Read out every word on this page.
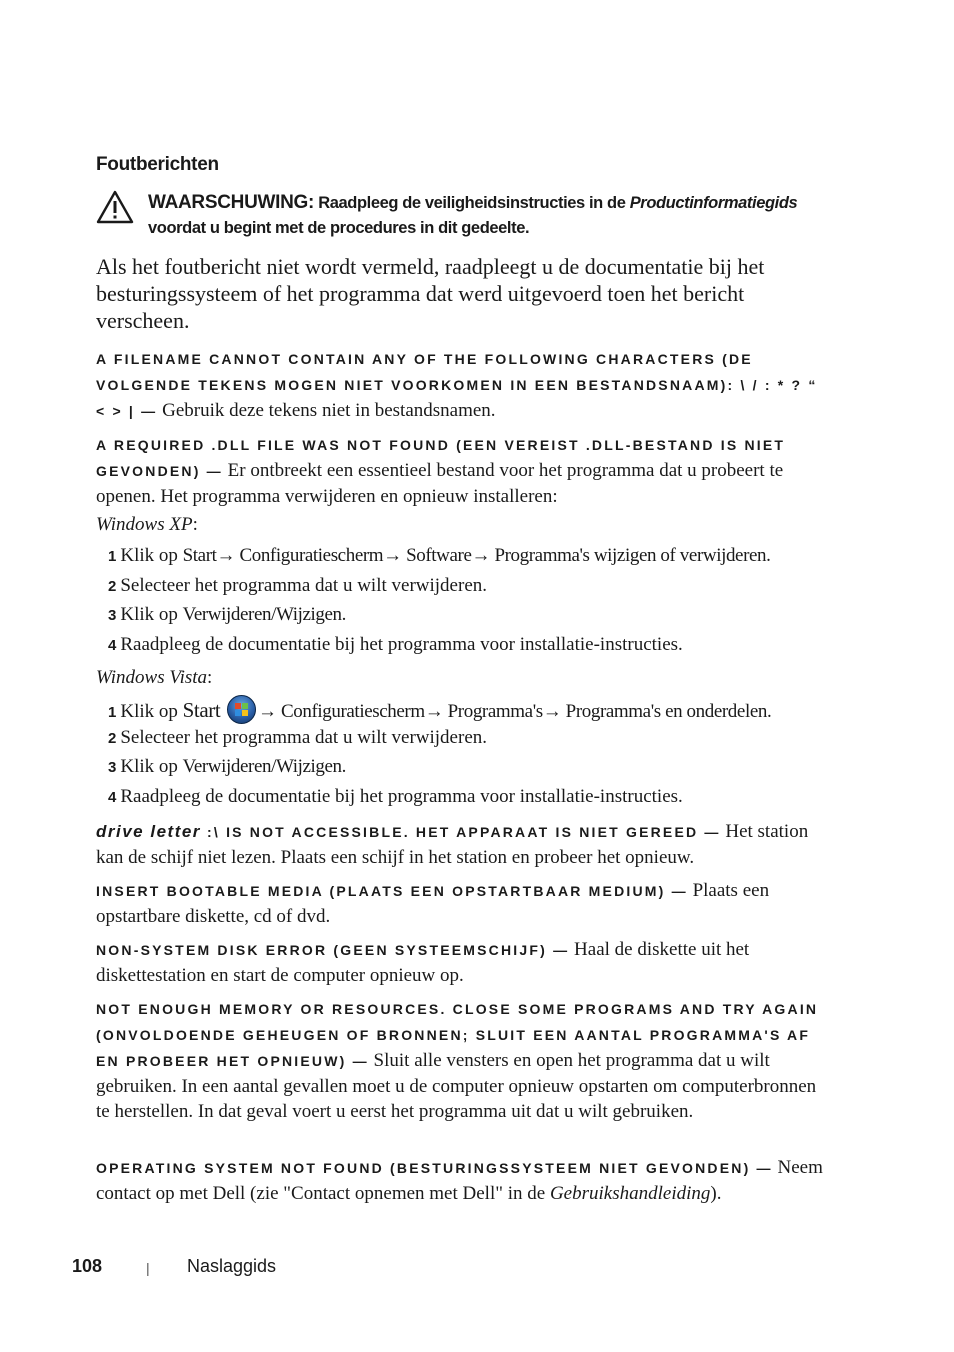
Foutberichten
WAARSCHUWING: Raadpleeg de veiligheidsinstructies in de Productinformatiegids voordat u begint met de procedures in dit gedeelte.
Als het foutbericht niet wordt vermeld, raadpleegt u de documentatie bij het besturingssysteem of het programma dat werd uitgevoerd toen het bericht verscheen.
A FILENAME CANNOT CONTAIN ANY OF THE FOLLOWING CHARACTERS (DE VOLGENDE TEKENS MOGEN NIET VOORKOMEN IN EEN BESTANDSNAAM): \ / : * ? “ < > | — Gebruik deze tekens niet in bestandsnamen.
A REQUIRED .DLL FILE WAS NOT FOUND (EEN VEREIST .DLL-BESTAND IS NIET GEVONDEN) — Er ontbreekt een essentieel bestand voor het programma dat u probeert te openen. Het programma verwijderen en opnieuw installeren:
Windows XP:
1 Klik op Start→ Configuratiescherm→ Software→ Programma's wijzigen of verwijderen.
2 Selecteer het programma dat u wilt verwijderen.
3 Klik op Verwijderen/Wijzigen.
4 Raadpleeg de documentatie bij het programma voor installatie-instructies.
Windows Vista:
1 Klik op Start → Configuratiescherm→ Programma's→ Programma's en onderdelen.
2 Selecteer het programma dat u wilt verwijderen.
3 Klik op Verwijderen/Wijzigen.
4 Raadpleeg de documentatie bij het programma voor installatie-instructies.
drive letter :\ IS NOT ACCESSIBLE. HET APPARAAT IS NIET GEREED — Het station kan de schijf niet lezen. Plaats een schijf in het station en probeer het opnieuw.
INSERT BOOTABLE MEDIA (PLAATS EEN OPSTARTBAAR MEDIUM) — Plaats een opstartbare diskette, cd of dvd.
NON-SYSTEM DISK ERROR (GEEN SYSTEEMSCHIJF) — Haal de diskette uit het diskettestation en start de computer opnieuw op.
NOT ENOUGH MEMORY OR RESOURCES. CLOSE SOME PROGRAMS AND TRY AGAIN (ONVOLDOENDE GEHEUGEN OF BRONNEN; SLUIT EEN AANTAL PROGRAMMA'S AF EN PROBEER HET OPNIEUW) — Sluit alle vensters en open het programma dat u wilt gebruiken. In een aantal gevallen moet u de computer opnieuw opstarten om computerbronnen te herstellen. In dat geval voert u eerst het programma uit dat u wilt gebruiken.
OPERATING SYSTEM NOT FOUND (BESTURINGSSYSTEEM NIET GEVONDEN) — Neem contact op met Dell (zie "Contact opnemen met Dell" in de Gebruikshandleiding).
108	| Naslaggids
